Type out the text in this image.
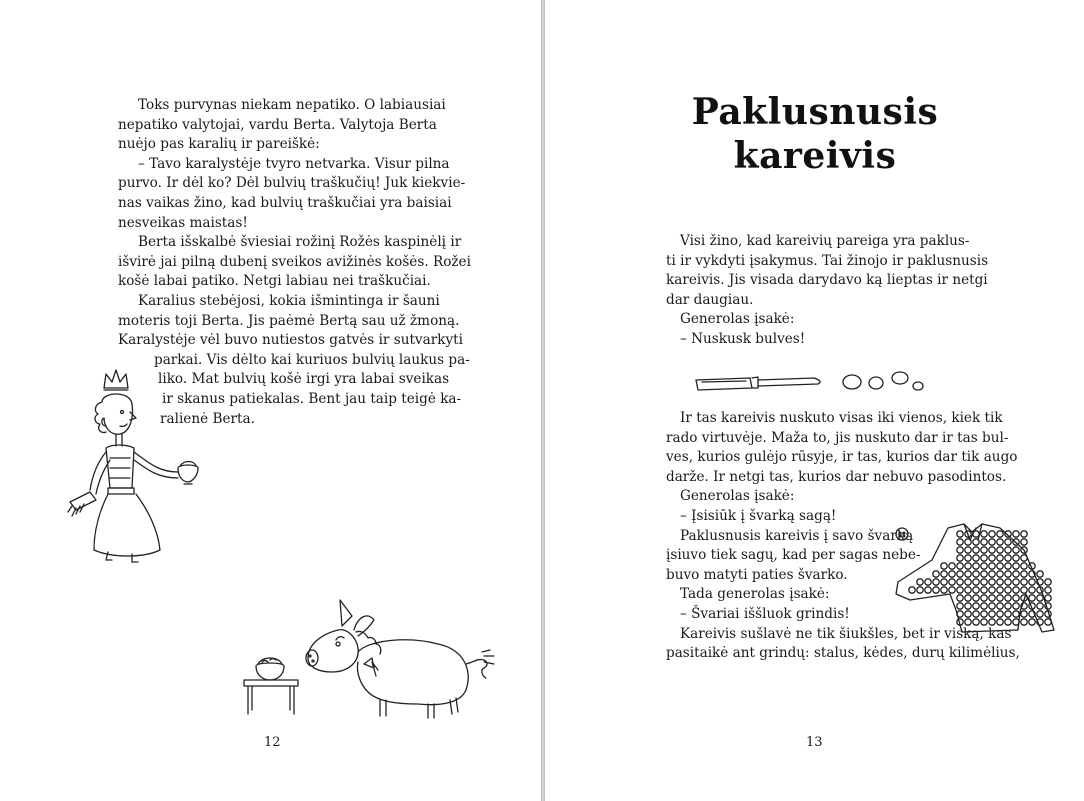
Toks purvynas niekam nepatiko. O labiausiai
nepatiko valytojai, vardu Berta. Valytoja Berta
nuėjo pas karalių ir pareiškė:
– Tavo karalystėje tvyro netvarka. Visur pilna
purvo. Ir dėl ko? Dėl bulvių traškučių! Juk kiekvie-
nas vaikas žino, kad bulvių traškučiai yra baisiai
nesveikas maistas!
Berta išskalbė šviesiai rožinį Rožės kaspinėlį ir
išvirė jai pilną dubenį sveikos avižinės košės. Rožei
košė labai patiko. Netgi labiau nei traškučiai.
Karalius stebėjosi, kokia išmintinga ir šauni
moteris toji Berta. Jis paėmė Bertą sau už žmoną.
Karalystėje vėl buvo nutiestos gatvės ir sutvarkyti
parkai. Vis dėlto kai kuriuos bulvių laukus pa-
liko. Mat bulvių košė irgi yra labai sveikas
ir skanus patiekalas. Bent jau taip teigė ka-
ralienė Berta.
12
Paklusnusis
kareivis
Visi žino, kad kareivių pareiga yra paklus-
ti ir vykdyti įsakymus. Tai žinojo ir paklusnusis
kareivis. Jis visada darydavo ką lieptas ir netgi
dar daugiau.
Generolas įsakė:
– Nuskusk bulves!
Ir tas kareivis nuskuto visas iki vienos, kiek tik
rado virtuvėje. Maža to, jis nuskuto dar ir tas bul-
ves, kurios gulėjo rūsyje, ir tas, kurios dar tik augo
darže. Ir netgi tas, kurios dar nebuvo pasodintos.
Generolas įsakė:
– Įsisiūk į švarką sagą!
Paklusnusis kareivis į savo švarką
įsiuvo tiek sagų, kad per sagas nebe-
buvo matyti paties švarko.
Tada generolas įsakė:
– Švariai iššluok grindis!
Kareivis sušlavė ne tik šiukšles, bet ir viską, kas
pasitaikė ant grindų: stalus, kėdes, durų kilimėlius,
13
